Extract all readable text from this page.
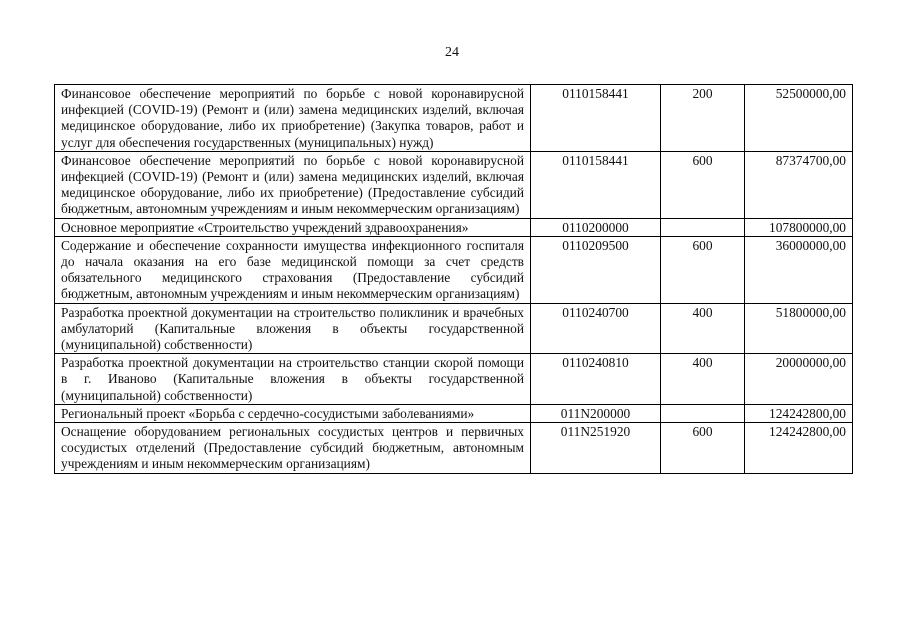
24
Финансовое обеспечение мероприятий по борьбе с новой коронавирусной инфекцией (COVID-19) (Ремонт и (или) замена медицинских изделий, включая медицинское оборудование, либо их приобретение) (Закупка товаров, работ и услуг для обеспечения государственных (муниципальных) нужд)	0110158441	200	52500000,00
Финансовое обеспечение мероприятий по борьбе с новой коронавирусной инфекцией (COVID-19) (Ремонт и (или) замена медицинских изделий, включая медицинское оборудование, либо их приобретение) (Предоставление субсидий бюджетным, автономным учреждениям и иным некоммерческим организациям)	0110158441	600	87374700,00
Основное мероприятие «Строительство учреждений здравоохранения»	0110200000		107800000,00
Содержание и обеспечение сохранности имущества инфекционного госпиталя до начала оказания на его базе медицинской помощи за счет средств обязательного медицинского страхования (Предоставление субсидий бюджетным, автономным учреждениям и иным некоммерческим организациям)	0110209500	600	36000000,00
Разработка проектной документации на строительство поликлиник и врачебных амбулаторий (Капитальные вложения в объекты государственной (муниципальной) собственности)	0110240700	400	51800000,00
Разработка проектной документации на строительство станции скорой помощи в г. Иваново (Капитальные вложения в объекты государственной (муниципальной) собственности)	0110240810	400	20000000,00
Региональный проект «Борьба с сердечно-сосудистыми заболеваниями»	011N200000		124242800,00
Оснащение оборудованием региональных сосудистых центров и первичных сосудистых отделений (Предоставление субсидий бюджетным, автономным учреждениям и иным некоммерческим организациям)	011N251920	600	124242800,00
